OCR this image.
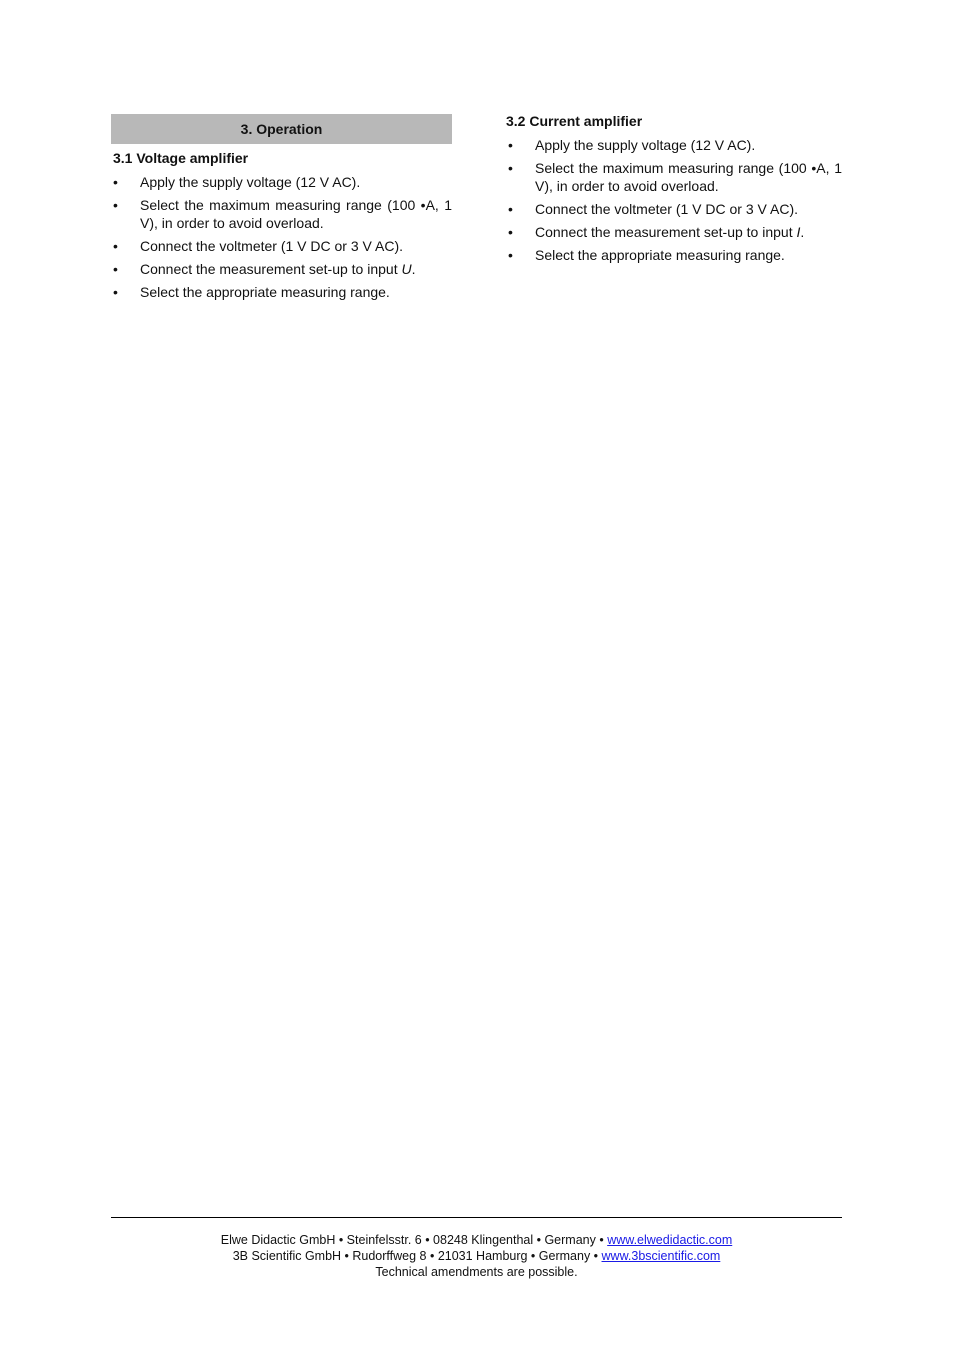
3. Operation
3.1 Voltage amplifier
• Apply the supply voltage (12 V AC).
• Select the maximum measuring range (100 •A, 1 V), in order to avoid overload.
• Connect the voltmeter (1 V DC or 3 V AC).
• Connect the measurement set-up to input U.
• Select the appropriate measuring range.
3.2 Current amplifier
• Apply the supply voltage (12 V AC).
• Select the maximum measuring range (100 •A, 1 V), in order to avoid overload.
• Connect the voltmeter (1 V DC or 3 V AC).
• Connect the measurement set-up to input I.
• Select the appropriate measuring range.
Elwe Didactic GmbH • Steinfelsstr. 6 • 08248 Klingenthal • Germany • www.elwedidactic.com
3B Scientific GmbH • Rudorffweg 8 • 21031 Hamburg • Germany • www.3bscientific.com
Technical amendments are possible.
